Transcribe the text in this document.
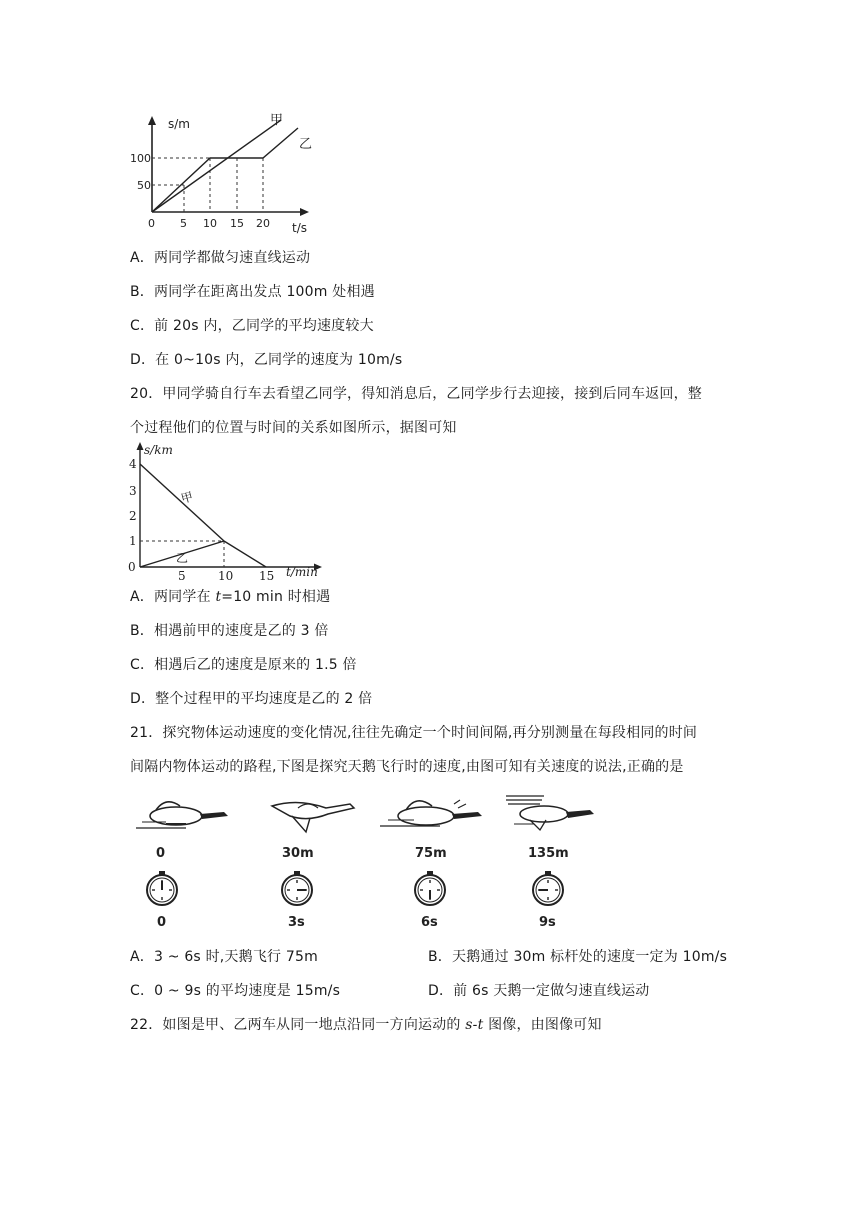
s/m
t/s
0
100
50
5 10 15 20
甲
乙
A．两同学都做匀速直线运动
B．两同学在距离出发点 100m 处相遇
C．前 20s 内，乙同学的平均速度较大
D．在 0~10s 内，乙同学的速度为 10m/s
20．甲同学骑自行车去看望乙同学，得知消息后，乙同学步行去迎接，接到后同车返回，整
个过程他们的位置与时间的关系如图所示，据图可知
s/km
t/min
0
4
3
2
1
5	10 15
甲
乙
A．两同学在 t=10 min 时相遇
B．相遇前甲的速度是乙的 3 倍
C．相遇后乙的速度是原来的 1.5 倍
D．整个过程甲的平均速度是乙的 2 倍
21．探究物体运动速度的变化情况,往往先确定一个时间间隔,再分别测量在每段相同的时间
间隔内物体运动的路程,下图是探究天鹅飞行时的速度,由图可知有关速度的说法,正确的是
0	30m	75m	135m
0	3s	6s	9s
A．3 ~ 6s 时,天鹅飞行 75m	B．天鹅通过 30m 标杆处的速度一定为 10m/s
C．0 ~ 9s 的平均速度是 15m/s	D．前 6s 天鹅一定做匀速直线运动
22．如图是甲、乙两车从同一地点沿同一方向运动的 s-t 图像，由图像可知
